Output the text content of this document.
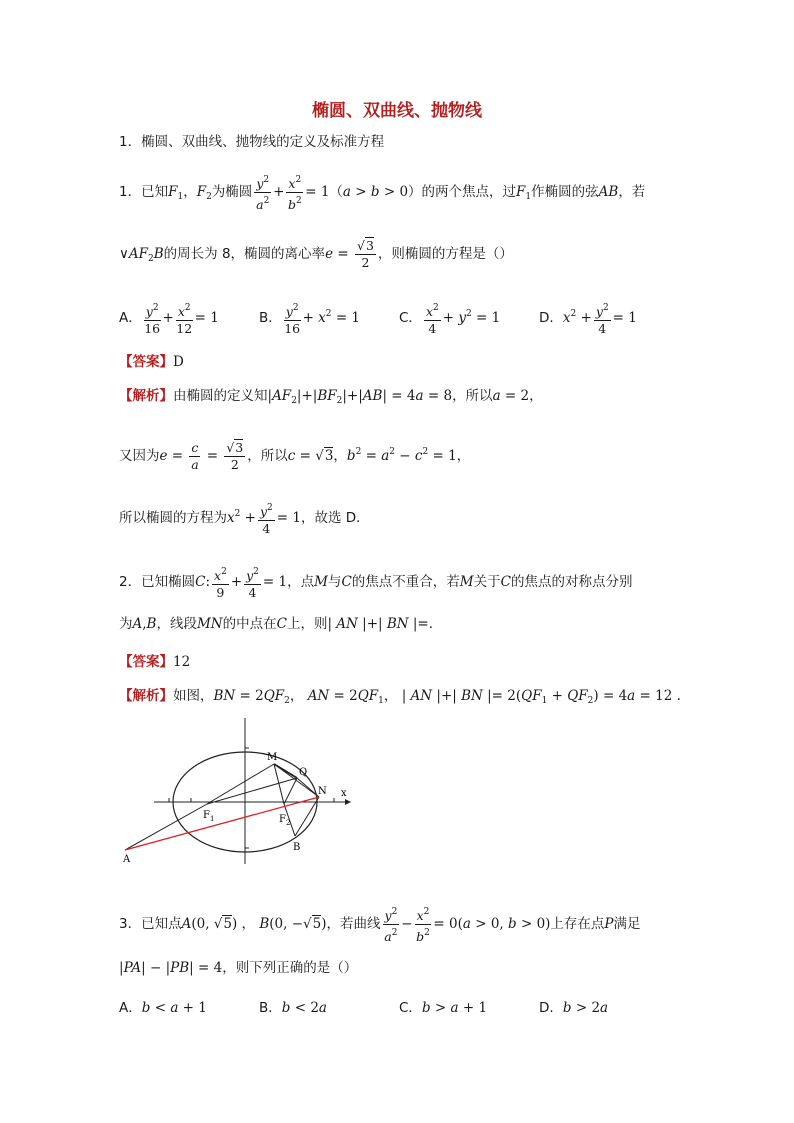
椭圆、双曲线、抛物线
1．椭圆、双曲线、抛物线的定义及标准方程
1．已知$F_1$，$F_2$为椭圆 $\frac{y^2}{a^2} + \frac{x^2}{b^2} = 1(a > b > 0)$的两个焦点，过$F_1$作椭圆的弦AB，若
$\vee AF_2B$的周长为 8，椭圆的离心率$e = \frac{√3}{2}$ ，则椭圆的方程是（）
A． $\frac{y^2}{16} + \frac{x^2}{12} = 1$	B． $\frac{y^2}{16} + x^2 = 1$	C． $\frac{x^2}{4} + y^2 = 1$	D．$x^2 + \frac{y^2}{4} = 1$
【答案】D
【解析】由椭圆的定义知$|AF_2|+|BF_2|+|AB| = 4a = 8$，所以a = 2，
又因为$e = \frac{c}{a} = \frac{√3}{2}$ ，所以c = √3，$b^2 = a^2 - c^2 = 1$，
所以椭圆的方程为$x^2 + \frac{y^2}{4} = 1$，故选 D．
2．已知椭圆C: $\frac{x^2}{9} + \frac{y^2}{4} = 1$，点M与C的焦点不重合，若M关于C的焦点的对称点分别
为A,B，线段MN的中点在C上，则| AN |+| BN |=．
【答案】12
【解析】如图，BN = $2QF_2$， AN = $2QF_1$， | AN |+| BN |= $2(QF_1 + QF_2) = 4a = 12$ .
M
Q
N x
F 1	F 2
A
B
3．已知点A(0, √5) ， B(0, −√5)，若曲线 $\frac{y^2}{a^2} - \frac{x^2}{b^2} = 0(a > 0$, b > 0)上存在点P满足
|PA| − |PB| = 4，则下列正确的是（）
A．b < a + 1	B．b < 2a	C．b > a + 1	D．b > 2a
